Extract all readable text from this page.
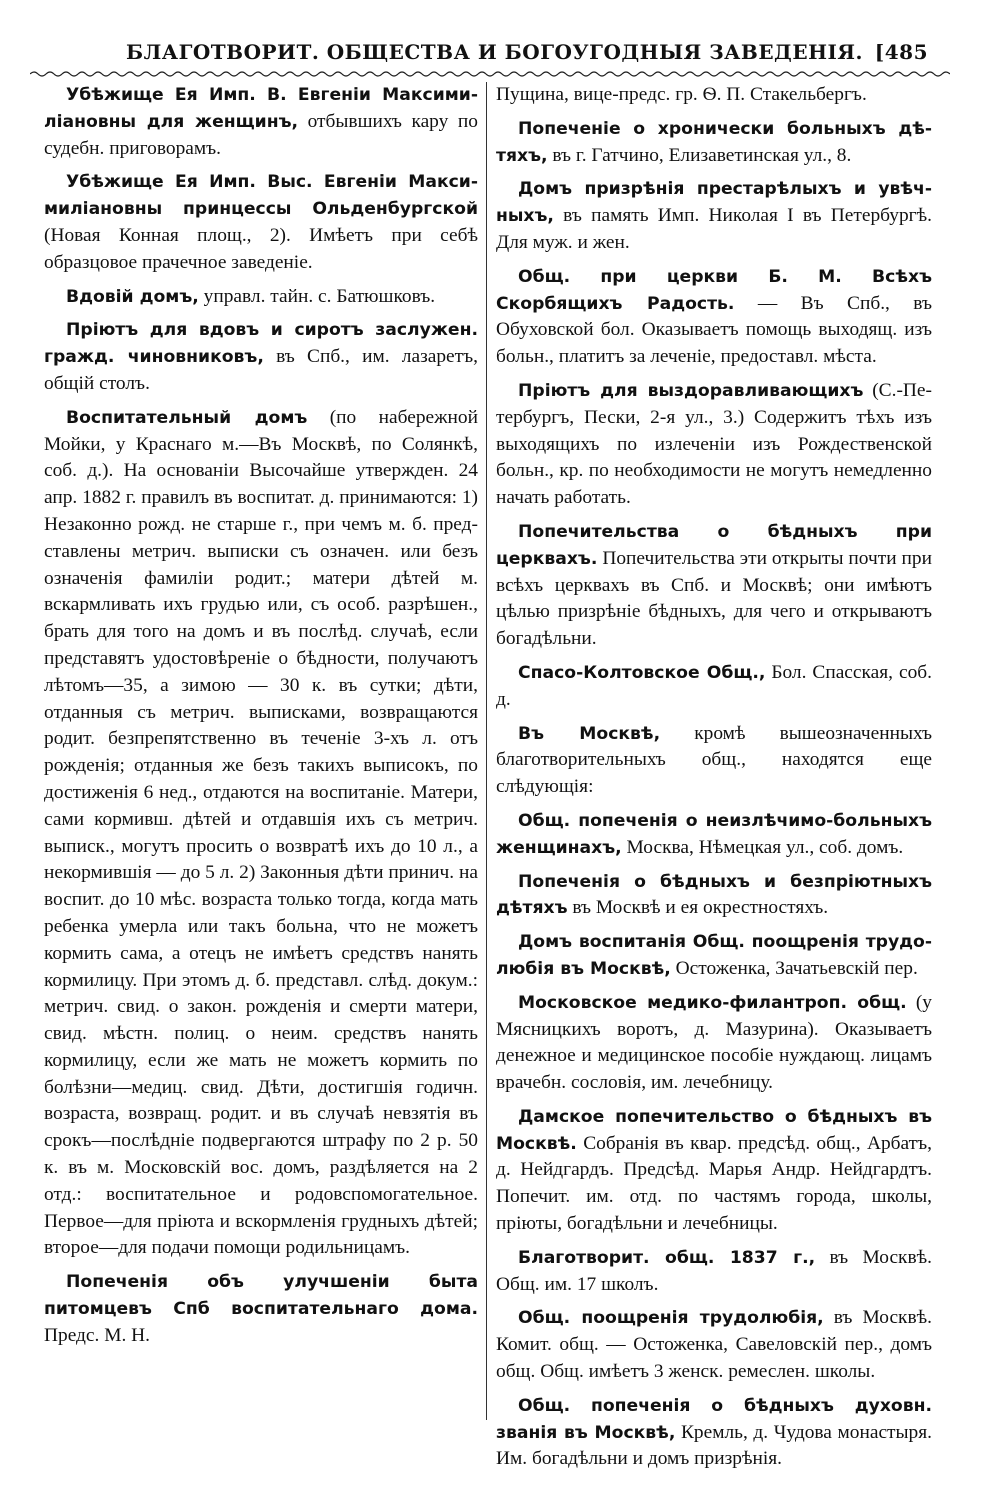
БЛАГОТВОРИТ. ОБЩЕСТВА И БОГОУГОДНЫЯ ЗАВЕДЕНІЯ. [485

Убѣжище Ея Имп. В. Евгеніи Максимиліановны для женщинъ, отбывшихъ кару по судебн. приговорамъ.

Убѣжище Ея Имп. Выс. Евгеніи Максимиліановны принцессы Ольденбургской (Новая Конная площ., 2). Имѣетъ при себѣ образцовое прачечное заведеніе.

Вдовій домъ, управл. тайн. с. Батюшковъ.

Пріютъ для вдовъ и сиротъ заслужен. гражд. чиновниковъ, въ Спб., им. лазаретъ, общій столъ.

Воспитательный домъ (по набережной Мойки, у Краснаго м.—Въ Москвѣ, по Солянкѣ, соб. д.). На основаніи Высочайше утвержден. 24 апр. 1882 г. правилъ въ воспитат. д. принимаются: 1) Незаконно рожд. не старше г., при чемъ м. б. представлены метрич. выписки съ означен. или безъ означенія фамиліи родит.; матери дѣтей м. вскармливать ихъ грудью или, съ особ. разрѣшен., брать для того на домъ и въ послѣд. случаѣ, если представятъ удостовѣреніе о бѣдности, получаютъ лѣтомъ—35, а зимою — 30 к. въ сутки; дѣти, отданныя съ метрич. выписками, возвращаются родит. безпрепятственно въ теченіе 3-хъ л. отъ рожденія; отданныя же безъ такихъ выписокъ, по достиженія 6 нед., отдаются на воспитаніе. Матери, сами кормивш. дѣтей и отдавшія ихъ съ метрич. выписк., могутъ просить о возвратѣ ихъ до 10 л., а некормившія — до 5 л. 2) Законныя дѣти принич. на воспит. до 10 мѣс. возраста только тогда, когда мать ребенка умерла или такъ больна, что не можетъ кормить сама, а отецъ не имѣетъ средствъ нанять кормилицу. При этомъ д. б. представл. слѣд. докум.: метрич. свид. о закон. рожденія и смерти матери, свид. мѣстн. полиц. о неим. средствъ нанять кормилицу, если же мать не можетъ кормить по болѣзни—медиц. свид. Дѣти, достигшія годичн. возраста, возвращ. родит. и въ случаѣ невзятія въ срокъ—послѣдніе подвергаются штрафу по 2 р. 50 к. въ м. Московскій вос. домъ, раздѣляется на 2 отд.: воспитательное и родовспомогательное. Первое—для пріюта и вскормленія грудныхъ дѣтей; второе—для подачи помощи родильницамъ.

Попеченія объ улучшеніи быта питомцевъ Спб воспитательнаго дома. Предс. М. Н.

Пущина, вице-предс. гр. Ѳ. П. Стакельбергъ.

Попеченіе о хронически больныхъ дѣтяхъ, въ г. Гатчино, Елизаветинская ул., 8.

Домъ призрѣнія престарѣлыхъ и увѣчныхъ, въ память Имп. Николая I въ Петербургѣ. Для муж. и жен.

Общ. при церкви Б. М. Всѣхъ Скорбящихъ Радость. — Въ Спб., въ Обуховской бол. Оказываетъ помощь выходящ. изъ больн., платитъ за леченіе, предоставл. мѣста.

Пріютъ для выздоравливающихъ (С.-Петербургъ, Пески, 2-я ул., 3.) Содержитъ тѣхъ изъ выходящихъ по излеченіи изъ Рождественской больн., кр. по необходимости не могутъ немедленно начать работать.

Попечительства о бѣдныхъ при церквахъ. Попечительства эти открыты почти при всѣхъ церквахъ въ Спб. и Москвѣ; они имѣютъ цѣлью призрѣніе бѣдныхъ, для чего и открываютъ богадѣльни.

Спасо-Колтовское Общ., Бол. Спасская, соб. д.

Въ Москвѣ, кромѣ вышеозначенныхъ благотворительныхъ общ., находятся еще слѣдующія:

Общ. попеченія о неизлѣчимо-больныхъ женщинахъ, Москва, Нѣмецкая ул., соб. домъ.

Попеченія о бѣдныхъ и безпріютныхъ дѣтяхъ въ Москвѣ и ея окрестностяхъ.

Домъ воспитанія Общ. поощренія трудолюбія въ Москвѣ, Остоженка, Зачатьевскій пер.

Московское медико-филантроп. общ. (у Мясницкихъ воротъ, д. Мазурина). Оказываетъ денежное и медицинское пособіе нуждающ. лицамъ врачебн. сословія, им. лечебницу.

Дамское попечительство о бѣдныхъ въ Москвѣ. Собранія въ квар. предсѣд. общ., Арбатъ, д. Нейдгардъ. Предсѣд. Марья Андр. Нейдгардтъ. Попечит. им. отд. по частямъ города, школы, пріюты, богадѣльни и лечебницы.

Благотворит. общ. 1837 г., въ Москвѣ. Общ. им. 17 школъ.

Общ. поощренія трудолюбія, въ Москвѣ. Комит. общ. — Остоженка, Савеловскій пер., домъ общ. Общ. имѣетъ 3 женск. ремеслен. школы.

Общ. попеченія о бѣдныхъ духовн. званія въ Москвѣ, Кремль, д. Чудова монастыря. Им. богадѣльни и домъ призрѣнія.
